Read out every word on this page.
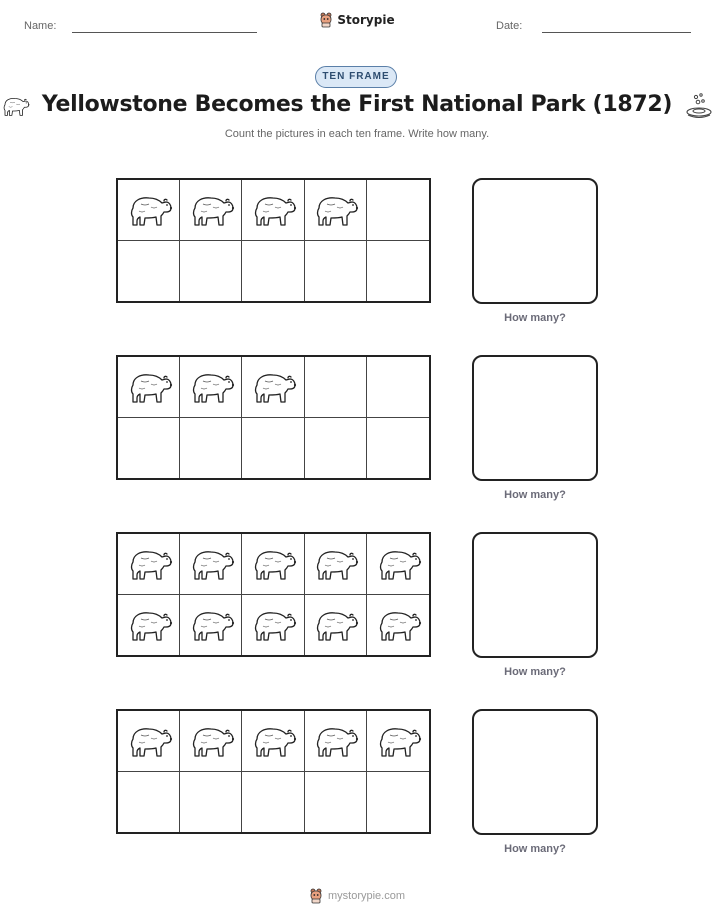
Name:	Storypie	Date:
TEN FRAME
Yellowstone Becomes the First National Park (1872)
Count the pictures in each ten frame. Write how many.
How many?
How many?
How many?
How many?
mystorypie.com
